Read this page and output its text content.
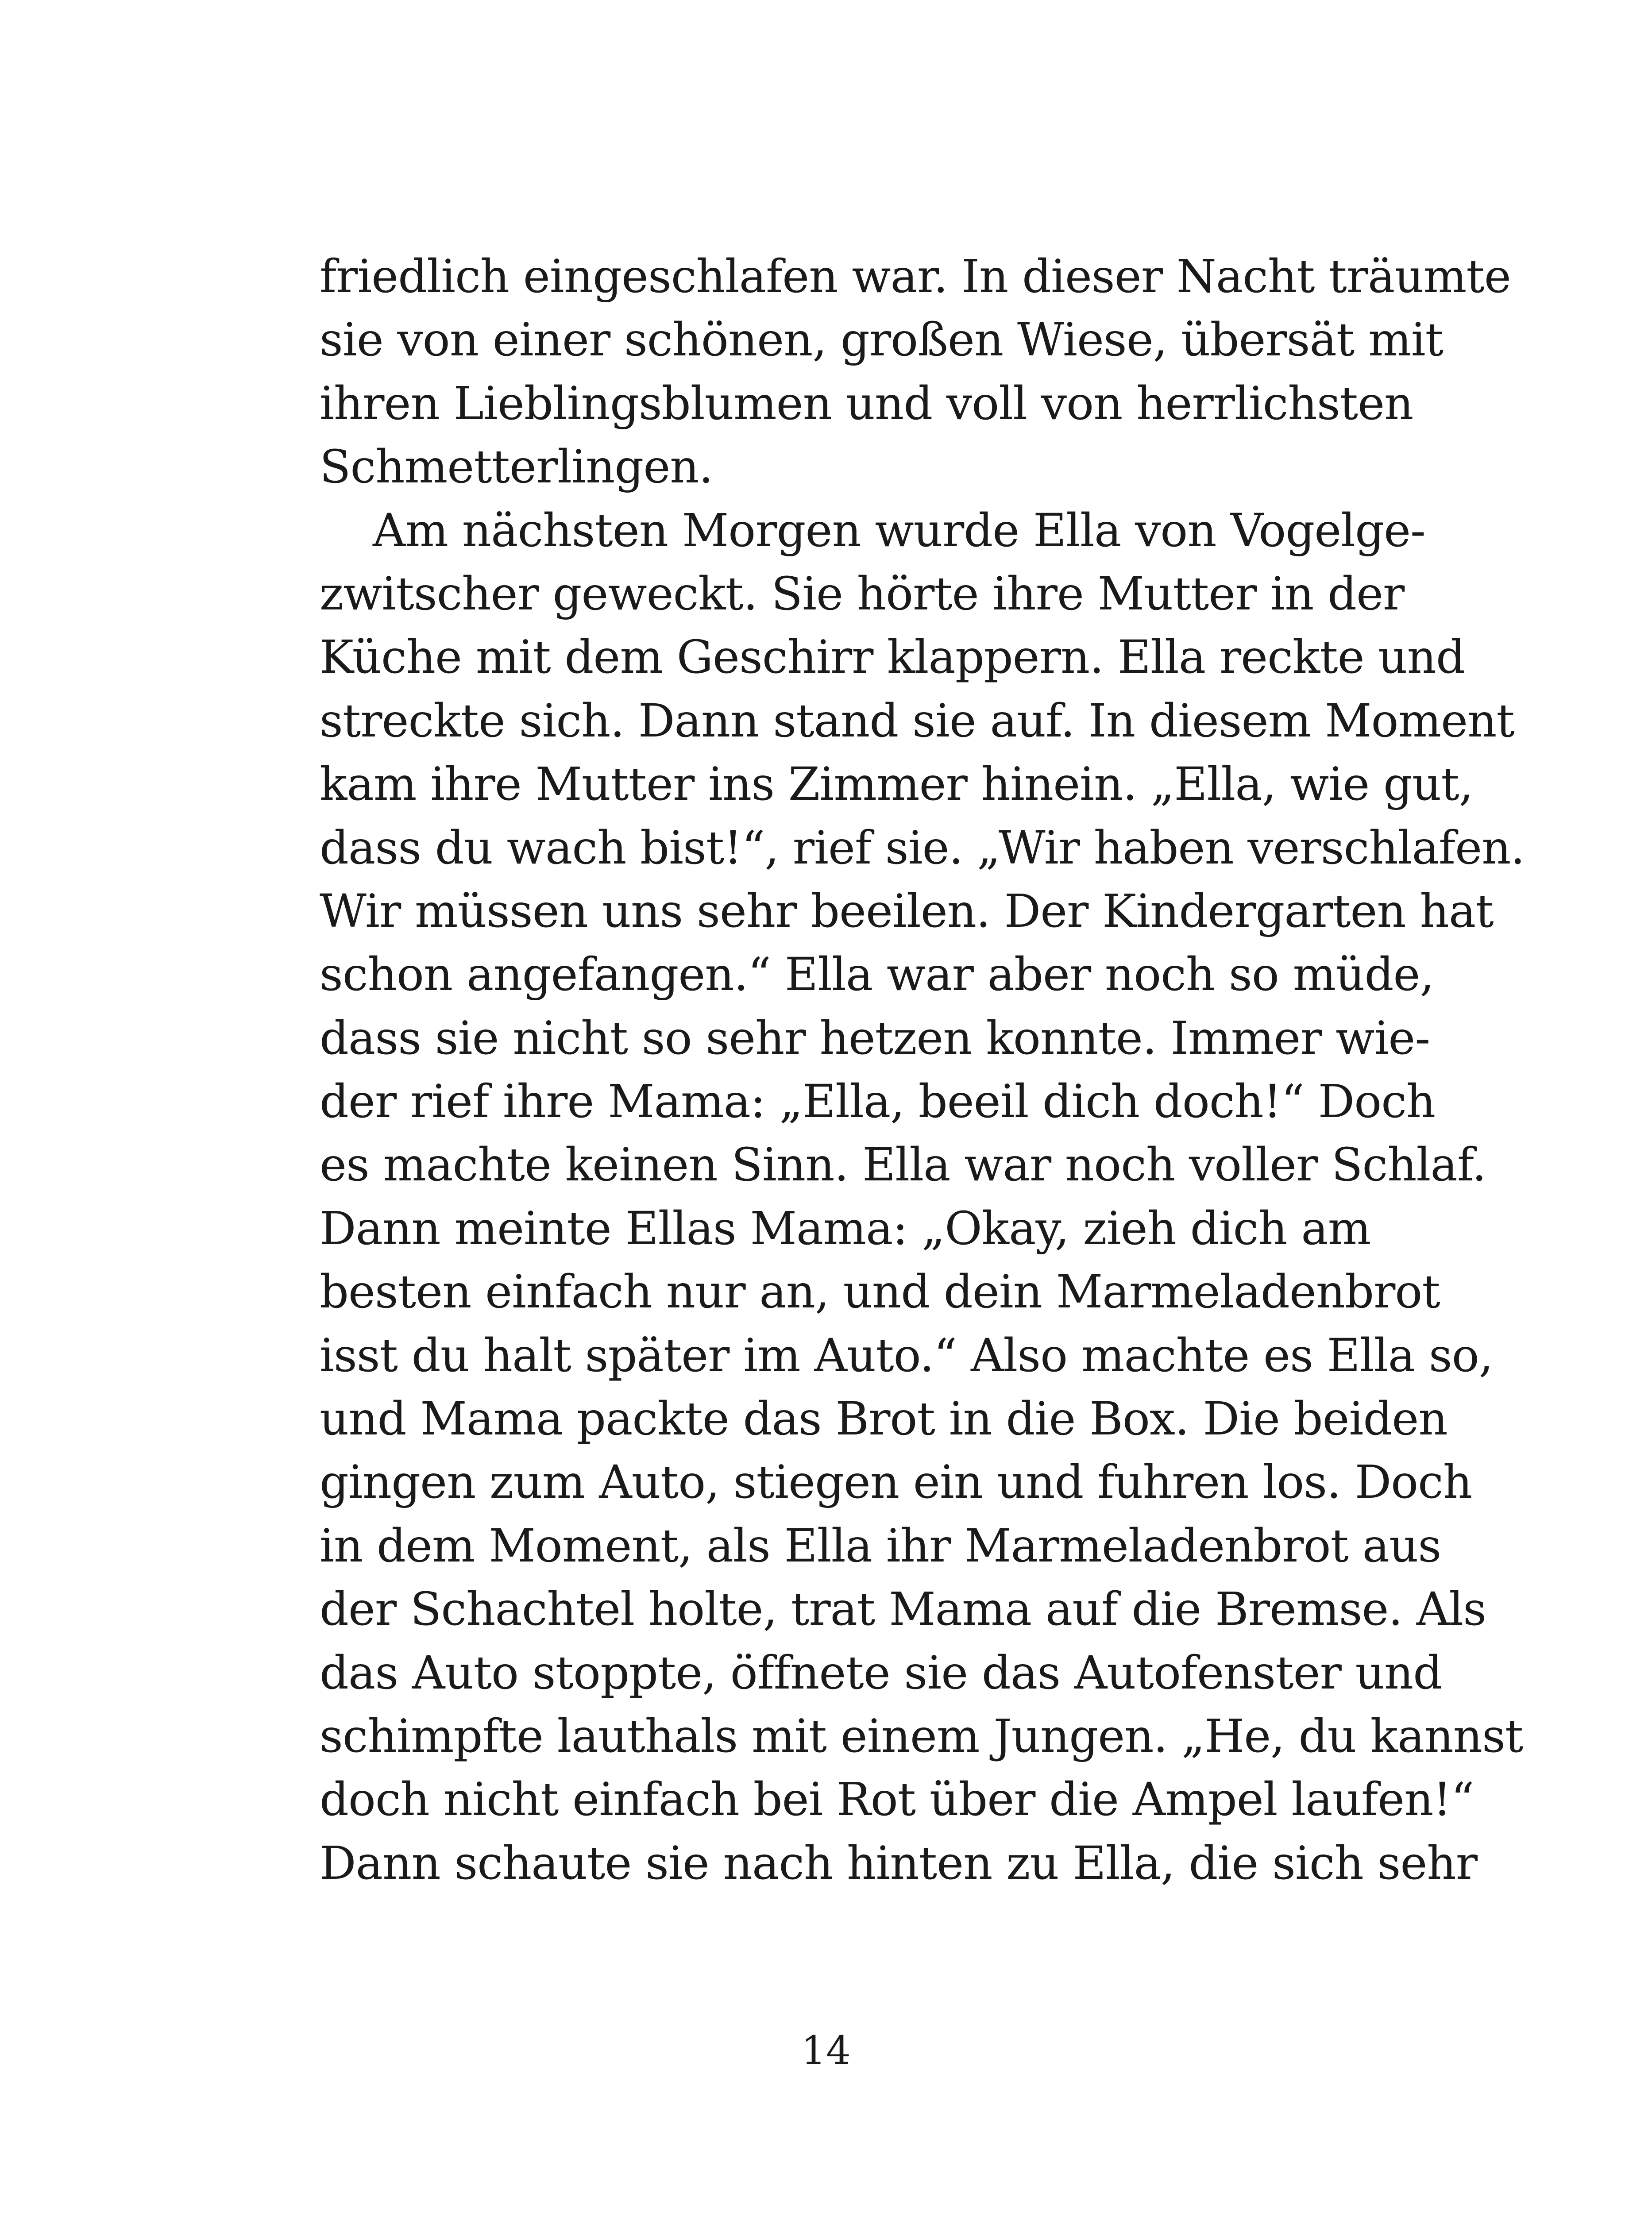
friedlich eingeschlafen war. In dieser Nacht träumte
sie von einer schönen, großen Wiese, übersät mit
ihren Lieblingsblumen und voll von herrlichsten
Schmetterlingen.
Am nächsten Morgen wurde Ella von Vogelge-
zwitscher geweckt. Sie hörte ihre Mutter in der
Küche mit dem Geschirr klappern. Ella reckte und
streckte sich. Dann stand sie auf. In diesem Moment
kam ihre Mutter ins Zimmer hinein. „Ella, wie gut,
dass du wach bist!“, rief sie. „Wir haben verschlafen.
Wir müssen uns sehr beeilen. Der Kindergarten hat
schon angefangen.“ Ella war aber noch so müde,
dass sie nicht so sehr hetzen konnte. Immer wie-
der rief ihre Mama: „Ella, beeil dich doch!“ Doch
es machte keinen Sinn. Ella war noch voller Schlaf.
Dann meinte Ellas Mama: „Okay, zieh dich am
besten einfach nur an, und dein Marmeladenbrot
isst du halt später im Auto.“ Also machte es Ella so,
und Mama packte das Brot in die Box. Die beiden
gingen zum Auto, stiegen ein und fuhren los. Doch
in dem Moment, als Ella ihr Marmeladenbrot aus
der Schachtel holte, trat Mama auf die Bremse. Als
das Auto stoppte, öffnete sie das Autofenster und
schimpfte lauthals mit einem Jungen. „He, du kannst
doch nicht einfach bei Rot über die Ampel laufen!“
Dann schaute sie nach hinten zu Ella, die sich sehr
14
